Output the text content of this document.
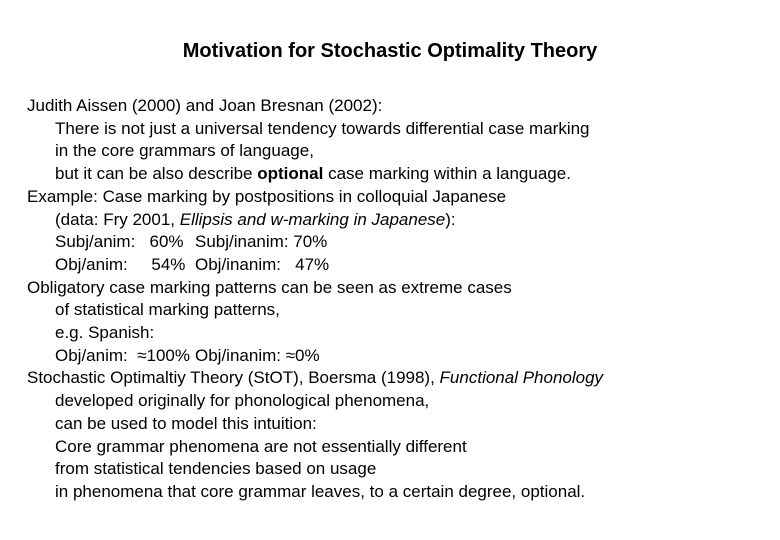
Motivation for Stochastic Optimality Theory
Judith Aissen (2000) and Joan Bresnan (2002):
There is not just a universal tendency towards differential case marking
in the core grammars of language,
but it can be also describe optional case marking within a language.
Example: Case marking by postpositions in colloquial Japanese
(data: Fry 2001, Ellipsis and w-marking in Japanese):
Subj/anim:   60% Subj/inanim: 70%
Obj/anim:     54% Obj/inanim:   47%
Obligatory case marking patterns can be seen as extreme cases
of statistical marking patterns,
e.g. Spanish:
Obj/anim:  ≈100% Obj/inanim: ≈0%
Stochastic Optimaltiy Theory (StOT), Boersma (1998), Functional Phonology
developed originally for phonological phenomena,
can be used to model this intuition:
Core grammar phenomena are not essentially different
from statistical tendencies based on usage
in phenomena that core grammar leaves, to a certain degree, optional.
